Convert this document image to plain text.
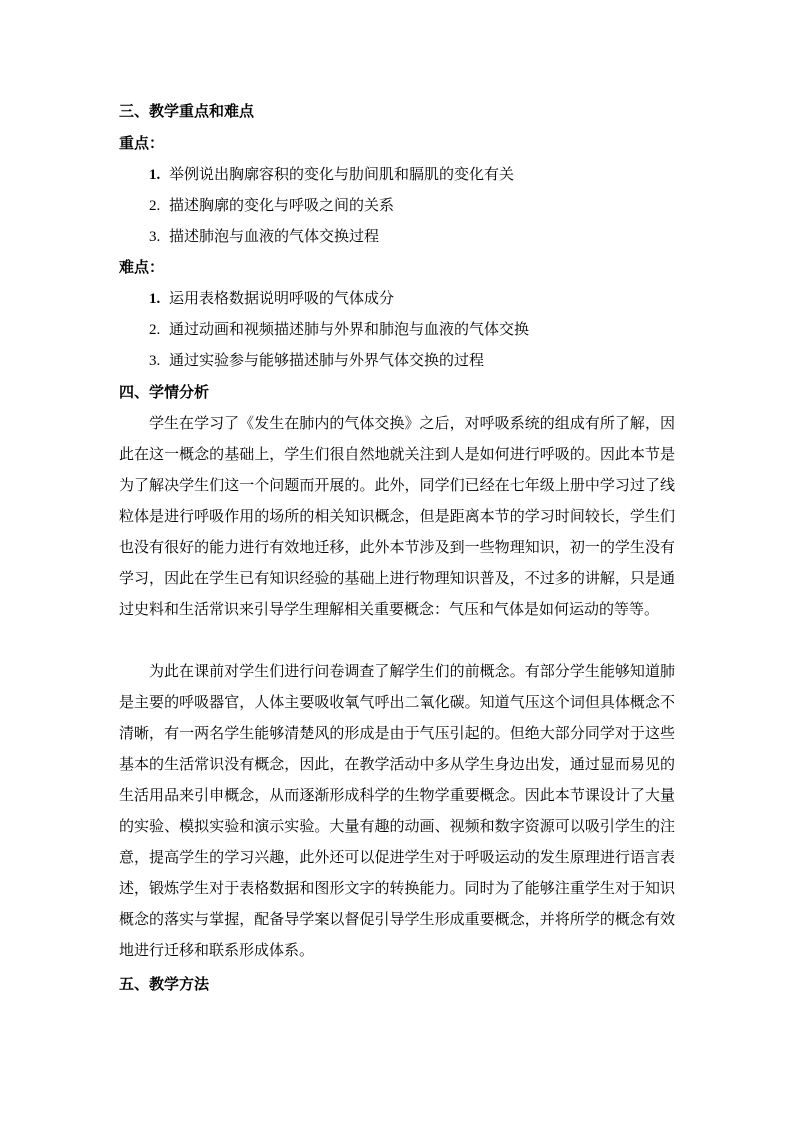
三、教学重点和难点
重点：
1. 举例说出胸廓容积的变化与肋间肌和膈肌的变化有关
2. 描述胸廓的变化与呼吸之间的关系
3. 描述肺泡与血液的气体交换过程
难点：
1. 运用表格数据说明呼吸的气体成分
2. 通过动画和视频描述肺与外界和肺泡与血液的气体交换
3. 通过实验参与能够描述肺与外界气体交换的过程
四、学情分析

学生在学习了《发生在肺内的气体交换》之后，对呼吸系统的组成有所了解，因此在这一概念的基础上，学生们很自然地就关注到人是如何进行呼吸的。因此本节是为了解决学生们这一个问题而开展的。此外，同学们已经在七年级上册中学习过了线粒体是进行呼吸作用的场所的相关知识概念，但是距离本节的学习时间较长，学生们也没有很好的能力进行有效地迁移，此外本节涉及到一些物理知识，初一的学生没有学习，因此在学生已有知识经验的基础上进行物理知识普及，不过多的讲解，只是通过史料和生活常识来引导学生理解相关重要概念：气压和气体是如何运动的等等。

为此在课前对学生们进行问卷调查了解学生们的前概念。有部分学生能够知道肺是主要的呼吸器官，人体主要吸收氧气呼出二氧化碳。知道气压这个词但具体概念不清晰，有一两名学生能够清楚风的形成是由于气压引起的。但绝大部分同学对于这些基本的生活常识没有概念，因此，在教学活动中多从学生身边出发，通过显而易见的生活用品来引申概念，从而逐渐形成科学的生物学重要概念。因此本节课设计了大量的实验、模拟实验和演示实验。大量有趣的动画、视频和数字资源可以吸引学生的注意，提高学生的学习兴趣，此外还可以促进学生对于呼吸运动的发生原理进行语言表述，锻炼学生对于表格数据和图形文字的转换能力。同时为了能够注重学生对于知识概念的落实与掌握，配备导学案以督促引导学生形成重要概念，并将所学的概念有效地进行迁移和联系形成体系。

五、教学方法
